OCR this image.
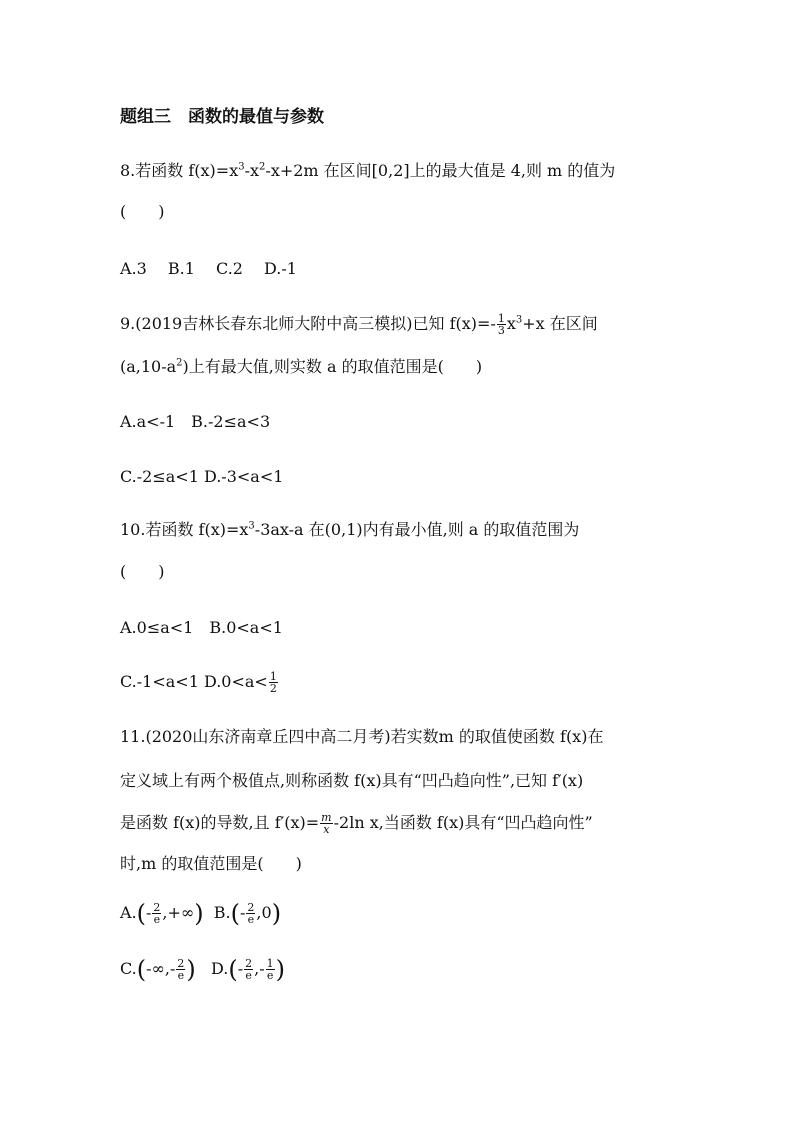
题组三　函数的最值与参数
8.若函数 $f(x)=x^3-x^2-x+2m$ 在区间[0,2]上的最大值是 4,则 m 的值为
(　　)
A.3　 B.1　 C.2　 D.-1
9.(2019吉林长春东北师大附中高三模拟)已知 $f(x)=- \frac{1}{3} x^3+x$ 在区间
$(a,10-a^2)$上有最大值,则实数 a 的取值范围是(　　)
A.a<-1　B.-2≤a<3
C.-2≤a<1 D.-3<a<1
10.若函数 $f(x)=x^3-3ax-a$ 在(0,1)内有最小值,则 a 的取值范围为
(　　)
A.0≤a<1　B.0<a<1
C.-1<a<1 $D.0<a< \frac{1}{2}$
11.(2020山东济南章丘四中高二月考)若实数m 的取值使函数 f(x)在
定义域上有两个极值点,则称函数 f(x)具有“凹凸趋向性”,已知 f′(x)
是函数 f(x)的导数,且 $f'(x)= \frac{m}{x} -2\ln$ x,当函数 f(x)具有“凹凸趋向性”
时,m 的取值范围是(　　)
$A.(- \frac{2}{e}$ ,+∞) $B.(- \frac{2}{e} ,0)$
$C.(-\infty,- \frac{2}{e}$ ) $D.(- \frac{2}{e}$ ,- $\frac{1}{e}$ )
